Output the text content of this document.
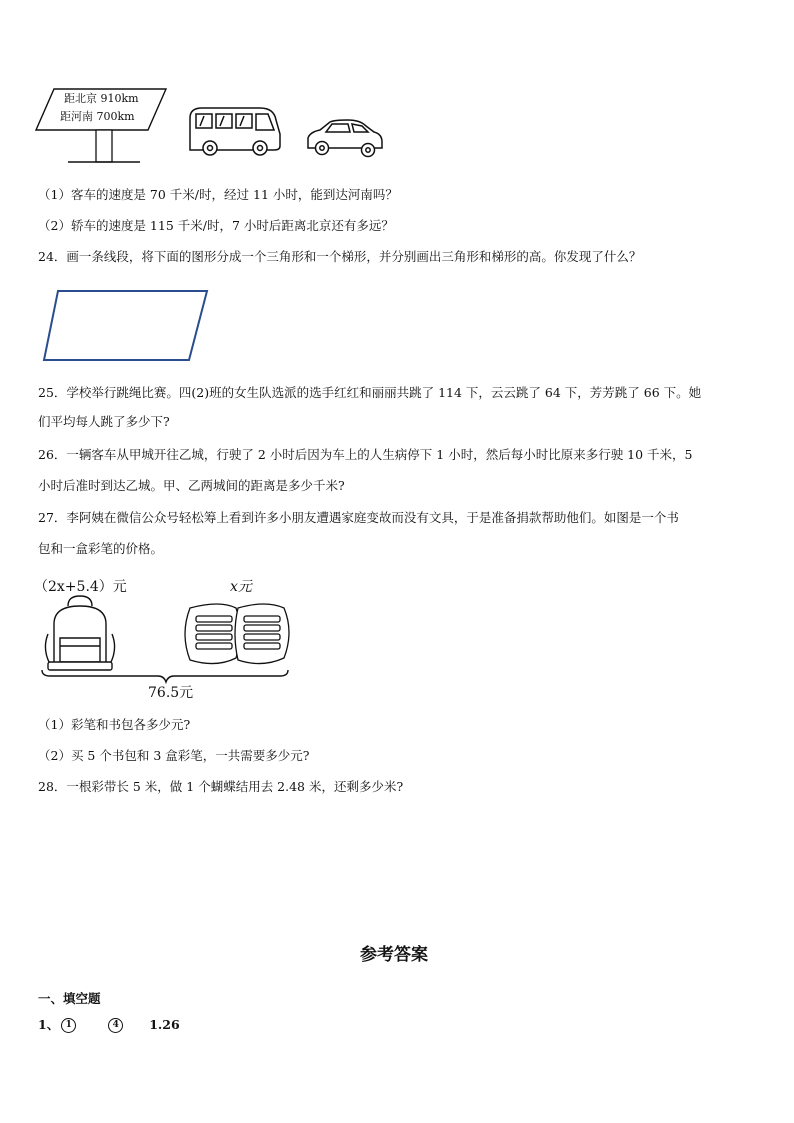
距北京 910km
距河南 700km
（1）客车的速度是 70 千米/时，经过 11 小时，能到达河南吗？
（2）轿车的速度是 115 千米/时，7 小时后距离北京还有多远？
24．画一条线段，将下面的图形分成一个三角形和一个梯形，并分别画出三角形和梯形的高。你发现了什么？
25．学校举行跳绳比赛。四(2)班的女生队选派的选手红红和丽丽共跳了 114 下，云云跳了 64 下，芳芳跳了 66 下。她
们平均每人跳了多少下?
26．一辆客车从甲城开往乙城，行驶了 2 小时后因为车上的人生病停下 1 小时，然后每小时比原来多行驶 10 千米，5
小时后准时到达乙城。甲、乙两城间的距离是多少千米?
27．李阿姨在微信公众号轻松筹上看到许多小朋友遭遇家庭变故而没有文具，于是准备捐款帮助他们。如图是一个书
包和一盒彩笔的价格。
（2x+5.4）元	x元
76.5元
（1）彩笔和书包各多少元?
（2）买 5 个书包和 3 盒彩笔，一共需要多少元?
28．一根彩带长 5 米，做 1 个蝴蝶结用去 2.48 米，还剩多少米?
参考答案
一、填空题
1、 1	4 1.26
